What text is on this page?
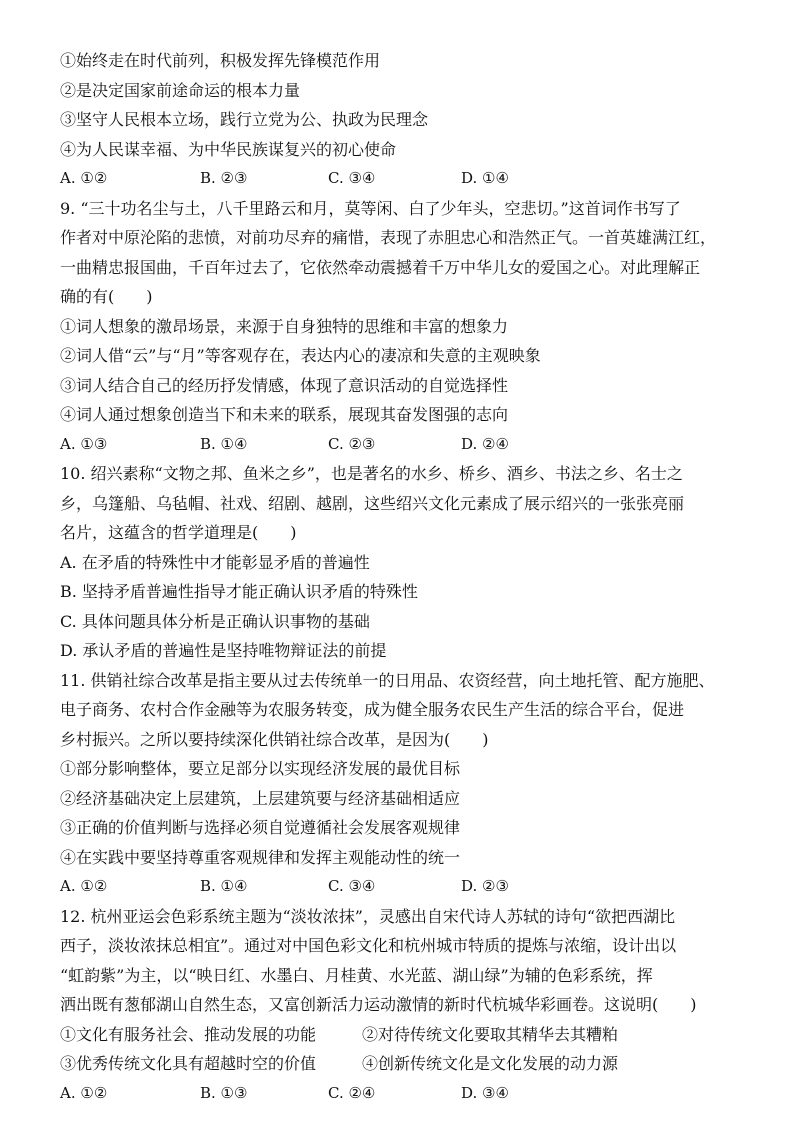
①始终走在时代前列，积极发挥先锋模范作用
②是决定国家前途命运的根本力量
③坚守人民根本立场，践行立党为公、执政为民理念
④为人民谋幸福、为中华民族谋复兴的初心使命
A. ①②	B. ②③	C. ③④	D. ①④
9. “三十功名尘与土，八千里路云和月，莫等闲、白了少年头，空悲切。”这首词作书写了
作者对中原沦陷的悲愤，对前功尽弃的痛惜，表现了赤胆忠心和浩然正气。一首英雄满江红，
一曲精忠报国曲，千百年过去了，它依然牵动震撼着千万中华儿女的爱国之心。对此理解正
确的有(　　)
①词人想象的激昂场景，来源于自身独特的思维和丰富的想象力
②词人借“云”与“月”等客观存在，表达内心的凄凉和失意的主观映象
③词人结合自己的经历抒发情感，体现了意识活动的自觉选择性
④词人通过想象创造当下和未来的联系，展现其奋发图强的志向
A. ①③	B. ①④	C. ②③	D. ②④
10. 绍兴素称“文物之邦、鱼米之乡”，也是著名的水乡、桥乡、酒乡、书法之乡、名士之
乡，乌篷船、乌毡帽、社戏、绍剧、越剧，这些绍兴文化元素成了展示绍兴的一张张亮丽
名片，这蕴含的哲学道理是(　　)
A. 在矛盾的特殊性中才能彰显矛盾的普遍性
B. 坚持矛盾普遍性指导才能正确认识矛盾的特殊性
C. 具体问题具体分析是正确认识事物的基础
D. 承认矛盾的普遍性是坚持唯物辩证法的前提
11. 供销社综合改革是指主要从过去传统单一的日用品、农资经营，向土地托管、配方施肥、
电子商务、农村合作金融等为农服务转变，成为健全服务农民生产生活的综合平台，促进
乡村振兴。之所以要持续深化供销社综合改革，是因为(　　)
①部分影响整体，要立足部分以实现经济发展的最优目标
②经济基础决定上层建筑，上层建筑要与经济基础相适应
③正确的价值判断与选择必须自觉遵循社会发展客观规律
④在实践中要坚持尊重客观规律和发挥主观能动性的统一
A. ①②	B. ①④	C. ③④	D. ②③
12. 杭州亚运会色彩系统主题为“淡妆浓抹”，灵感出自宋代诗人苏轼的诗句“欲把西湖比
西子，淡妆浓抹总相宜”。通过对中国色彩文化和杭州城市特质的提炼与浓缩，设计出以
“虹韵紫”为主，以“映日红、水墨白、月桂黄、水光蓝、湖山绿”为辅的色彩系统，挥
洒出既有葱郁湖山自然生态，又富创新活力运动激情的新时代杭城华彩画卷。这说明(　　)
①文化有服务社会、推动发展的功能	②对待传统文化要取其精华去其糟粕
③优秀传统文化具有超越时空的价值	④创新传统文化是文化发展的动力源
A. ①②	B. ①③	C. ②④	D. ③④
